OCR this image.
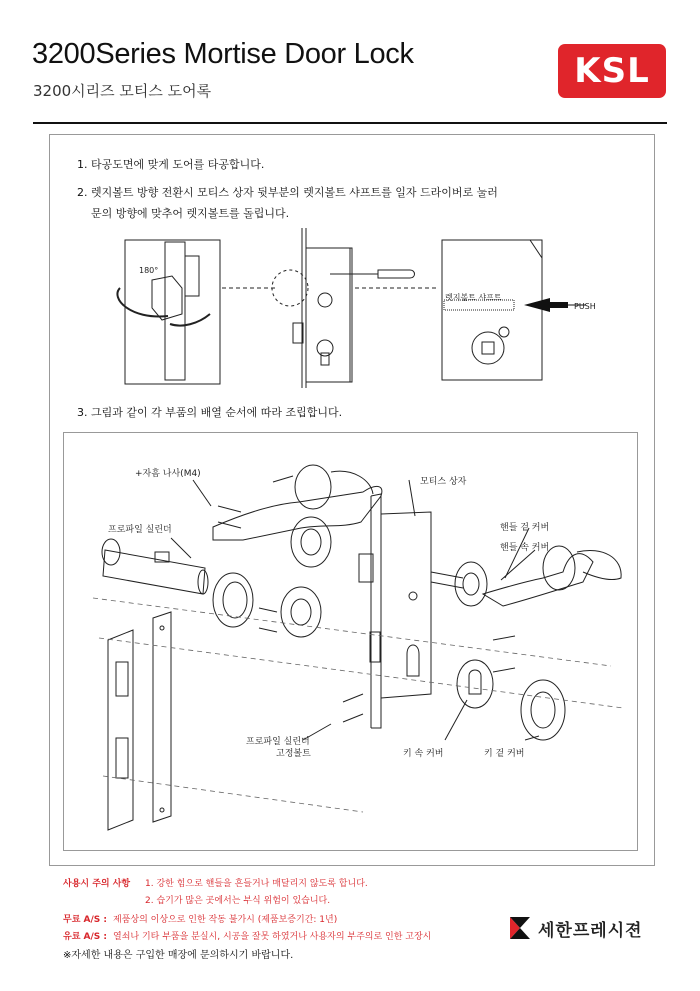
3200Series Mortise Door Lock
3200시리즈 모티스 도어록	KSL
1. 타공도면에 맞게 도어를 타공합니다.
2. 렛지볼트 방향 전환시 모티스 상자 뒷부분의 렛지볼트 샤프트를 일자 드라이버로 눌러
문의 방향에 맞추어 렛지볼트를 돌립니다.
180°
렛지볼트 샤프트
PUSH
3. 그림과 같이 각 부품의 배열 순서에 따라 조립합니다.
+자흠 나사(M4)
모티스 상자
프로파일 실린더	핸들 겉 커버
핸들 속 커버
프로파일 실린더
고정볼트	키 속 커버	키 겉 커버
사용시 주의 사항 1. 강한 힘으로 핸들을 흔들거나 매달리지 않도록 합니다.
2. 습기가 많은 곳에서는 부식 위험이 있습니다.
무료 A/S : 제품상의 이상으로 인한 작동 불가시 (제품보증기간: 1년)
유료 A/S : 열쇠나 기타 부품을 분실시, 시공을 잘못 하였거나 사용자의 부주의로 인한 고장시
※자세한 내용은 구입한 매장에 문의하시기 바랍니다.
세한프레시젼
